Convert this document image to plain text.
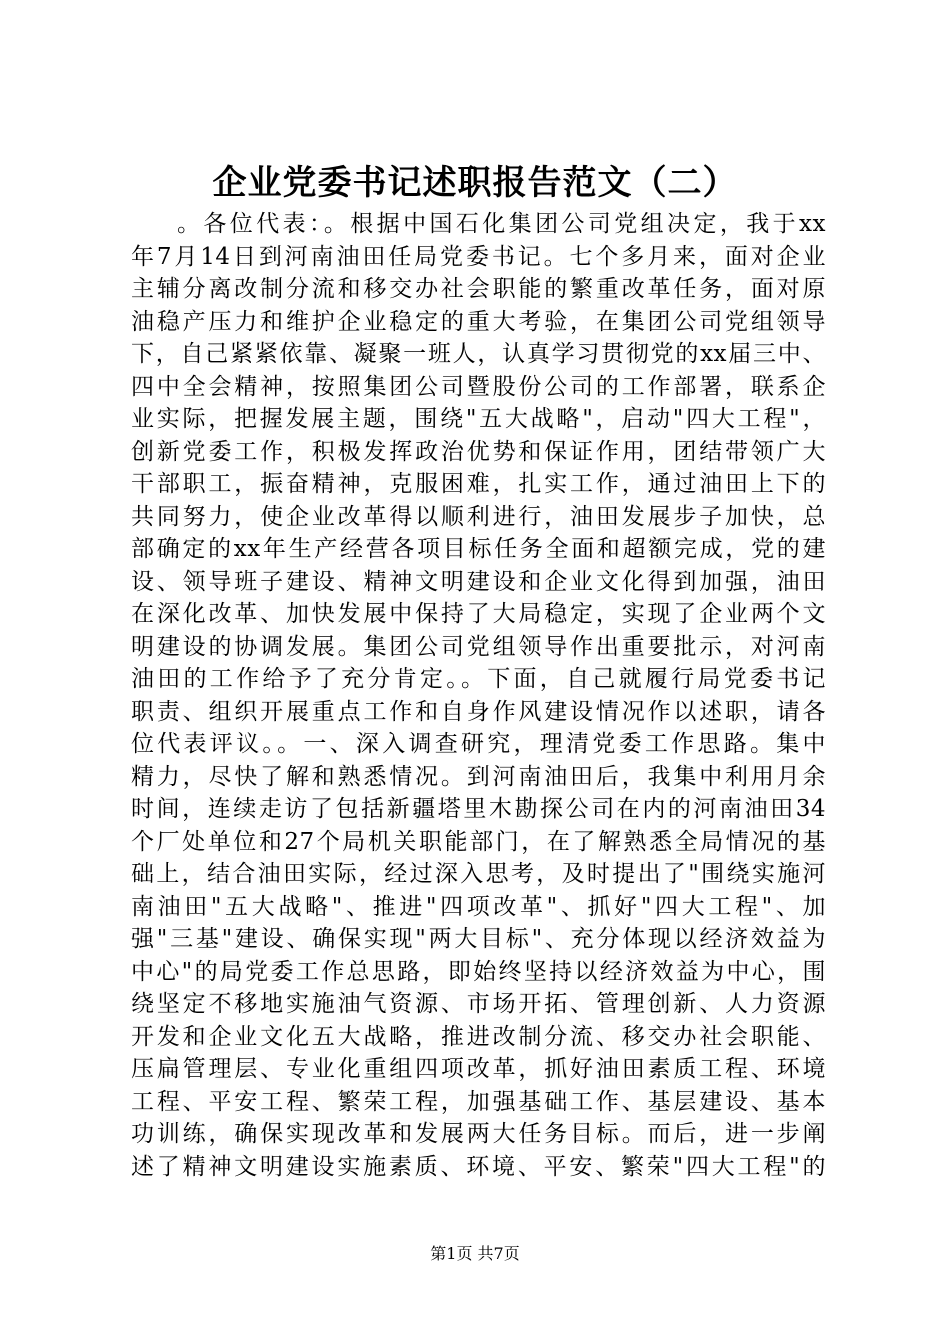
企业党委书记述职报告范文（二）
。各位代表：。根据中国石化集团公司党组决定，我于xx
年7月14日到河南油田任局党委书记。七个多月来，面对企业
主辅分离改制分流和移交办社会职能的繁重改革任务，面对原
油稳产压力和维护企业稳定的重大考验，在集团公司党组领导
下，自己紧紧依靠、凝聚一班人，认真学习贯彻党的xx届三中、
四中全会精神，按照集团公司暨股份公司的工作部署，联系企
业实际，把握发展主题，围绕"五大战略"，启动"四大工程"，
创新党委工作，积极发挥政治优势和保证作用，团结带领广大
干部职工，振奋精神，克服困难，扎实工作，通过油田上下的
共同努力，使企业改革得以顺利进行，油田发展步子加快，总
部确定的xx年生产经营各项目标任务全面和超额完成，党的建
设、领导班子建设、精神文明建设和企业文化得到加强，油田
在深化改革、加快发展中保持了大局稳定，实现了企业两个文
明建设的协调发展。集团公司党组领导作出重要批示，对河南
油田的工作给予了充分肯定。。下面，自己就履行局党委书记
职责、组织开展重点工作和自身作风建设情况作以述职，请各
位代表评议。。一、深入调查研究，理清党委工作思路。集中
精力，尽快了解和熟悉情况。到河南油田后，我集中利用月余
时间，连续走访了包括新疆塔里木勘探公司在内的河南油田34
个厂处单位和27个局机关职能部门，在了解熟悉全局情况的基
础上，结合油田实际，经过深入思考，及时提出了"围绕实施河
南油田"五大战略"、推进"四项改革"、抓好"四大工程"、加
强"三基"建设、确保实现"两大目标"、充分体现以经济效益为
中心"的局党委工作总思路，即始终坚持以经济效益为中心，围
绕坚定不移地实施油气资源、市场开拓、管理创新、人力资源
开发和企业文化五大战略，推进改制分流、移交办社会职能、
压扁管理层、专业化重组四项改革，抓好油田素质工程、环境
工程、平安工程、繁荣工程，加强基础工作、基层建设、基本
功训练，确保实现改革和发展两大任务目标。而后，进一步阐
述了精神文明建设实施素质、环境、平安、繁荣"四大工程"的
第1页 共7页
